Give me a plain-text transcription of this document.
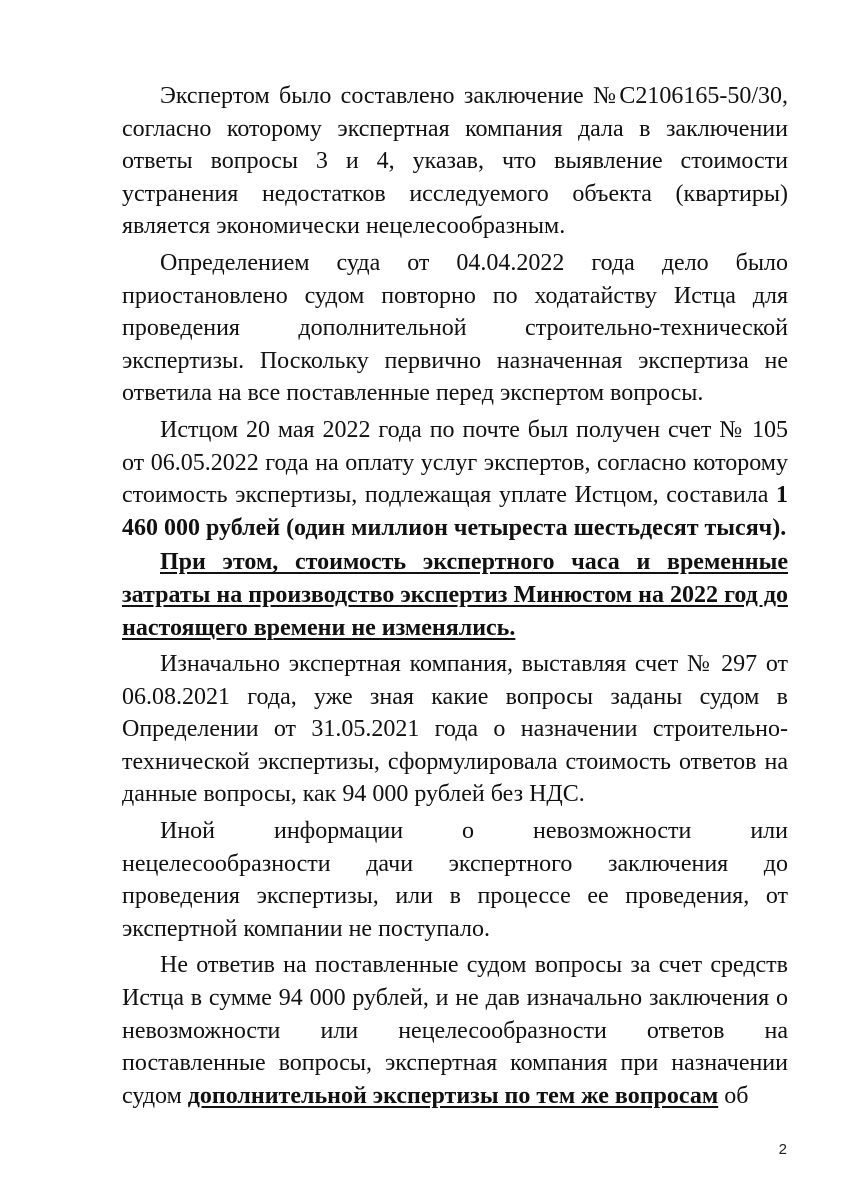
Экспертом было составлено заключение №С2106165-50/30, согласно которому экспертная компания дала в заключении ответы вопросы 3 и 4, указав, что выявление стоимости устранения недостатков исследуемого объекта (квартиры) является экономически нецелесообразным.

Определением суда от 04.04.2022 года дело было приостановлено судом повторно по ходатайству Истца для проведения дополнительной строительно-технической экспертизы. Поскольку первично назначенная экспертиза не ответила на все поставленные перед экспертом вопросы.

Истцом 20 мая 2022 года по почте был получен счет № 105 от 06.05.2022 года на оплату услуг экспертов, согласно которому стоимость экспертизы, подлежащая уплате Истцом, составила 1 460 000 рублей (один миллион четыреста шестьдесят тысяч).

При этом, стоимость экспертного часа и временные затраты на производство экспертиз Минюстом на 2022 год до настоящего времени не изменялись.

Изначально экспертная компания, выставляя счет № 297 от 06.08.2021 года, уже зная какие вопросы заданы судом в Определении от 31.05.2021 года о назначении строительно-технической экспертизы, сформулировала стоимость ответов на данные вопросы, как 94 000 рублей без НДС.

Иной информации о невозможности или нецелесообразности дачи экспертного заключения до проведения экспертизы, или в процессе ее проведения, от экспертной компании не поступало.

Не ответив на поставленные судом вопросы за счет средств Истца в сумме 94 000 рублей, и не дав изначально заключения о невозможности или нецелесообразности ответов на поставленные вопросы, экспертная компания при назначении судом дополнительной экспертизы по тем же вопросам об

2
